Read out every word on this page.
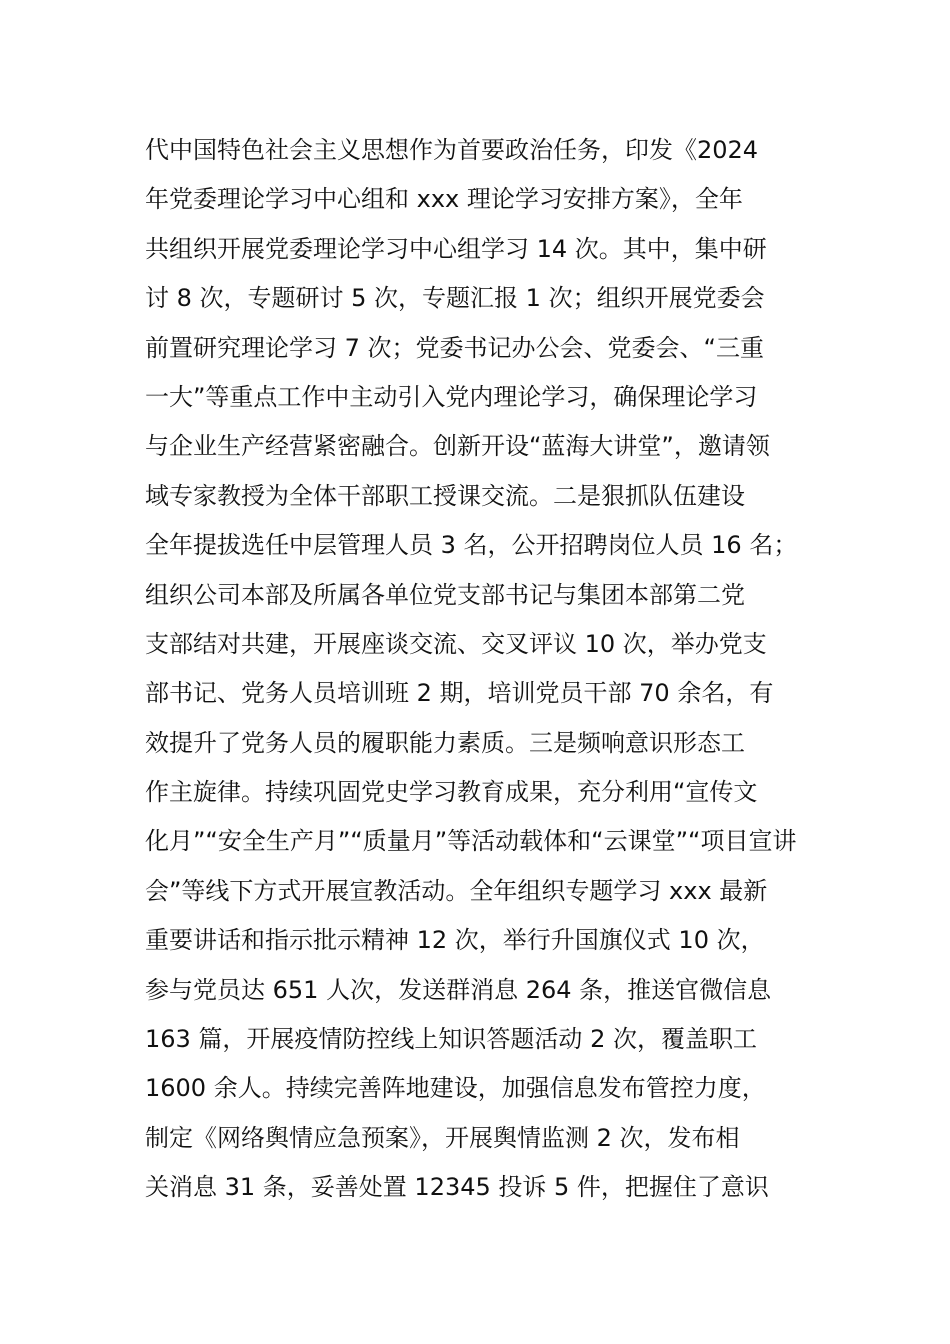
代中国特色社会主义思想作为首要政治任务，印发《2024
年党委理论学习中心组和 xxx 理论学习安排方案》，全年
共组织开展党委理论学习中心组学习 14 次。其中，集中研
讨 8 次，专题研讨 5 次，专题汇报 1 次；组织开展党委会
前置研究理论学习 7 次；党委书记办公会、党委会、“三重
一大”等重点工作中主动引入党内理论学习，确保理论学习
与企业生产经营紧密融合。创新开设“蓝海大讲堂”，邀请领
域专家教授为全体干部职工授课交流。二是狠抓队伍建设
全年提拔选任中层管理人员 3 名，公开招聘岗位人员 16 名；
组织公司本部及所属各单位党支部书记与集团本部第二党
支部结对共建，开展座谈交流、交叉评议 10 次，举办党支
部书记、党务人员培训班 2 期，培训党员干部 70 余名，有
效提升了党务人员的履职能力素质。三是频响意识形态工
作主旋律。持续巩固党史学习教育成果，充分利用“宣传文
化月”“安全生产月”“质量月”等活动载体和“云课堂”“项目宣讲
会”等线下方式开展宣教活动。全年组织专题学习 xxx 最新
重要讲话和指示批示精神 12 次，举行升国旗仪式 10 次，
参与党员达 651 人次，发送群消息 264 条，推送官微信息
163 篇，开展疫情防控线上知识答题活动 2 次，覆盖职工
1600 余人。持续完善阵地建设，加强信息发布管控力度，
制定《网络舆情应急预案》，开展舆情监测 2 次，发布相
关消息 31 条，妥善处置 12345 投诉 5 件，把握住了意识
